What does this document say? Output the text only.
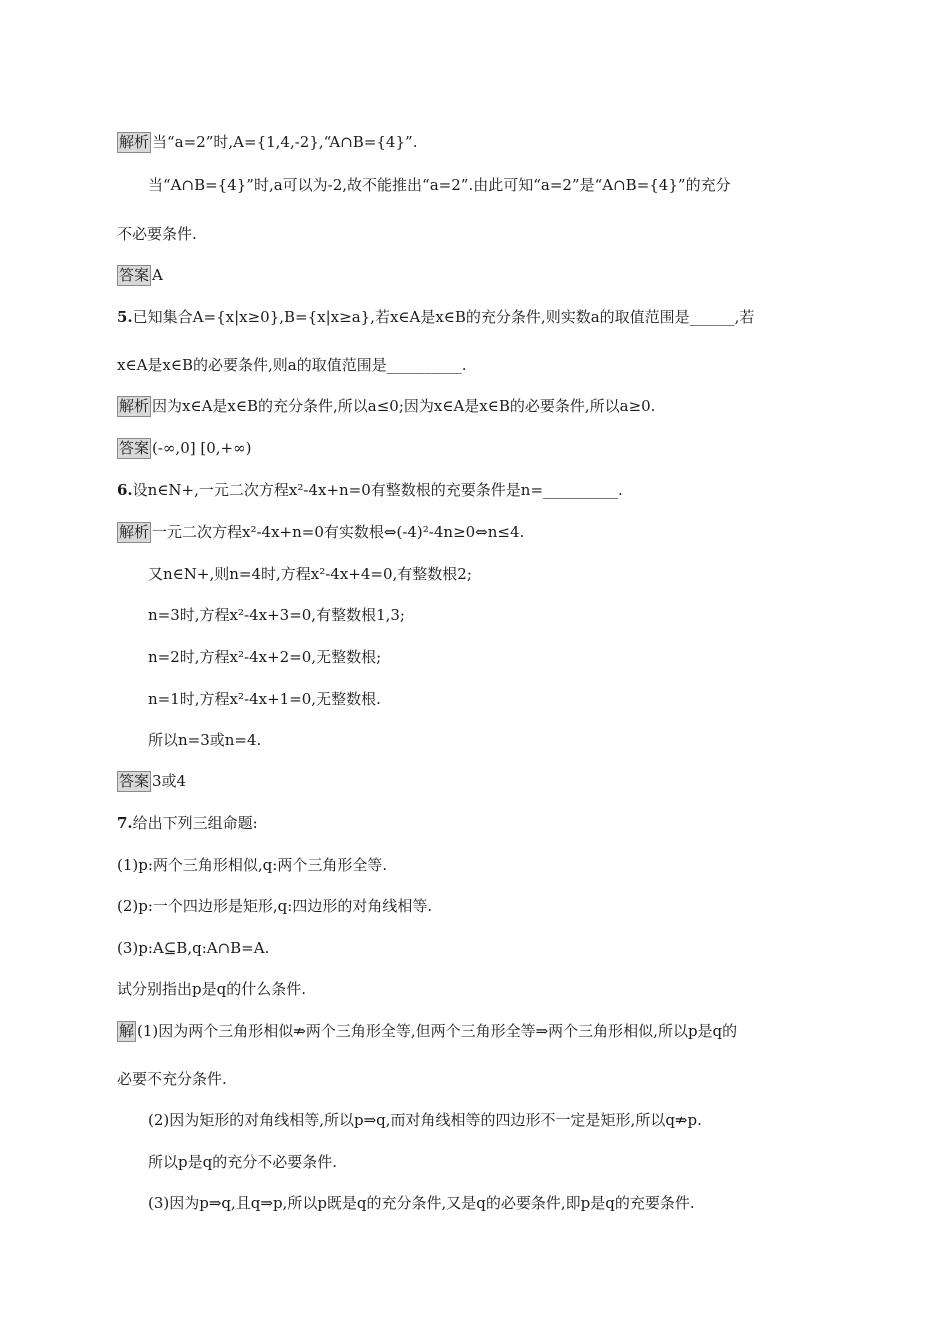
解析 当“a=2”时,A={1,4,-2},“A∩B={4}”.
当“A∩B={4}”时,a可以为-2,故不能推出“a=2”.由此可知“a=2”是“A∩B={4}”的充分
不必要条件.
答案 A
5.已知集合A={x|x≥0},B={x|x≥a},若x∈A是x∈B的充分条件,则实数a的取值范围是______,若
x∈A是x∈B的必要条件,则a的取值范围是__________.
解析 因为x∈A是x∈B的充分条件,所以a≤0;因为x∈A是x∈B的必要条件,所以a≥0.
答案 (-∞,0] [0,+∞)
6.设n∈N+,一元二次方程x²-4x+n=0有整数根的充要条件是n=__________.
解析 一元二次方程x²-4x+n=0有实数根⇔(-4)²-4n≥0⇔n≤4.
又n∈N+,则n=4时,方程x²-4x+4=0,有整数根2;
n=3时,方程x²-4x+3=0,有整数根1,3;
n=2时,方程x²-4x+2=0,无整数根;
n=1时,方程x²-4x+1=0,无整数根.
所以n=3或n=4.
答案 3或4
7.给出下列三组命题:
(1)p:两个三角形相似,q:两个三角形全等.
(2)p:一个四边形是矩形,q:四边形的对角线相等.
(3)p:A⊆B,q:A∩B=A.
试分别指出p是q的什么条件.
解 (1)因为两个三角形相似⇏两个三角形全等,但两个三角形全等⇒两个三角形相似,所以p是q的
必要不充分条件.
(2)因为矩形的对角线相等,所以p⇒q,而对角线相等的四边形不一定是矩形,所以q⇏p.
所以p是q的充分不必要条件.
(3)因为p⇒q,且q⇒p,所以p既是q的充分条件,又是q的必要条件,即p是q的充要条件.
